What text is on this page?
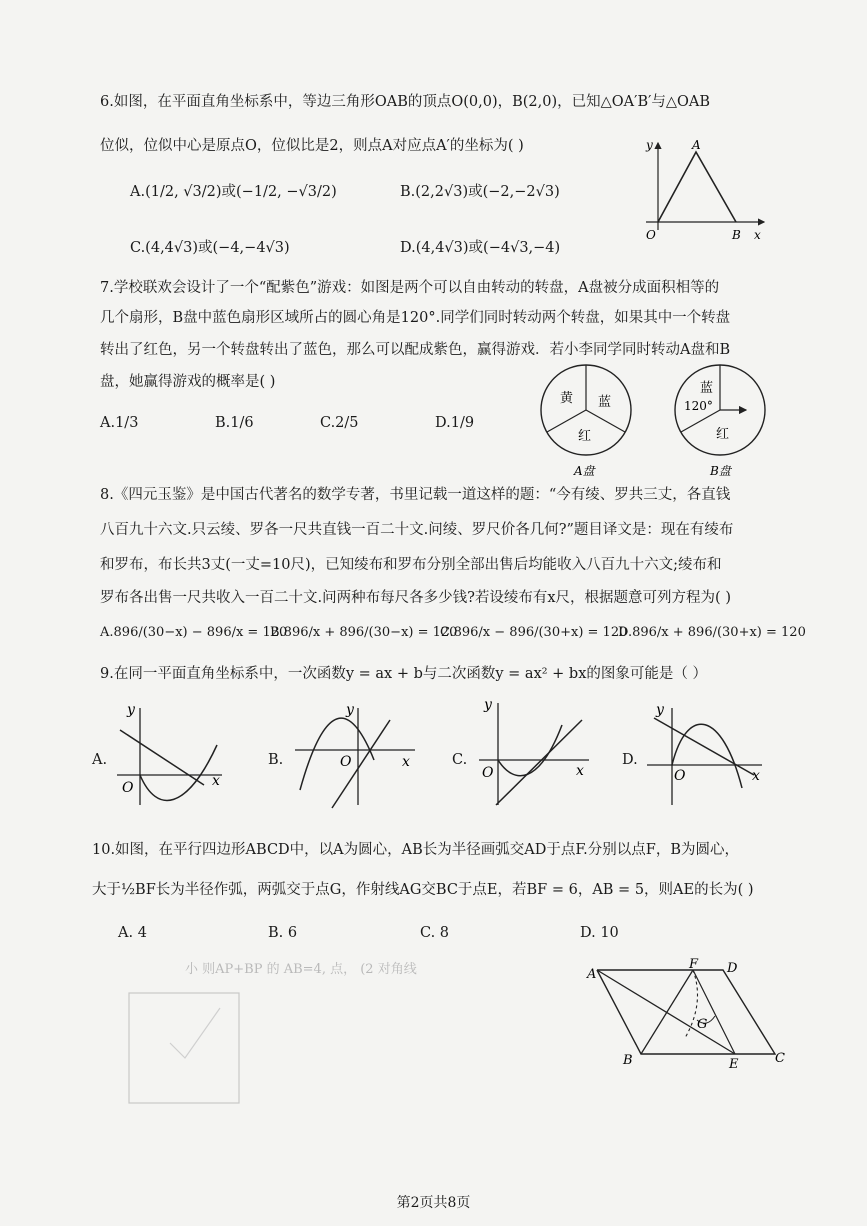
6.如图，在平面直角坐标系中，等边三角形OAB的顶点O(0,0)，B(2,0)，已知△OA′B′与△OAB
位似，位似中心是原点O，位似比是2，则点A对应点A′的坐标为( )
A.(1/2, √3/2)或(−1/2, −√3/2)	B.(2,2√3)或(−2,−2√3)
C.(4,4√3)或(−4,−4√3)	D.(4,4√3)或(−4√3,−4)
y	A
O	B x
7.学校联欢会设计了一个“配紫色”游戏：如图是两个可以自由转动的转盘，A盘被分成面积相等的
几个扇形，B盘中蓝色扇形区域所占的圆心角是120°.同学们同时转动两个转盘，如果其中一个转盘
转出了红色，另一个转盘转出了蓝色，那么可以配成紫色，赢得游戏．若小李同学同时转动A盘和B
盘，她赢得游戏的概率是( )
A.1/3	B.1/6	C.2/5	D.1/9
黄 蓝
红
A盘
蓝
120°
红
B盘
8.《四元玉鉴》是中国古代著名的数学专著，书里记载一道这样的题：“今有绫、罗共三丈，各直钱
八百九十六文.只云绫、罗各一尺共直钱一百二十文.问绫、罗尺价各几何?”题目译文是：现在有绫布
和罗布，布长共3丈(一丈=10尺)，已知绫布和罗布分别全部出售后均能收入八百九十六文;绫布和
罗布各出售一尺共收入一百二十文.问两种布每尺各多少钱?若设绫布有x尺，根据题意可列方程为( )
A.896/(30−x) − 896/x = 120
B.896/x + 896/(30−x) = 120
C.896/x − 896/(30+x) = 120
D.896/x + 896/(30+x) = 120
9.在同一平面直角坐标系中，一次函数y = ax + b与二次函数y = ax² + bx的图象可能是（ ）
A.
y
x
O
B.
y
x
O	C.
y
x
O
D.
y
x
O
10.如图，在平行四边形ABCD中，以A为圆心，AB长为半径画弧交AD于点F.分别以点F，B为圆心，
大于½BF长为半径作弧，两弧交于点G，作射线AG交BC于点E，若BF = 6，AB = 5，则AE的长为( )
A. 4	B. 6	C. 8	D. 10
小 则AP+BP 的 AB=4, 点， (2 对角线	A
F D
G
B	E	C
第2页共8页
